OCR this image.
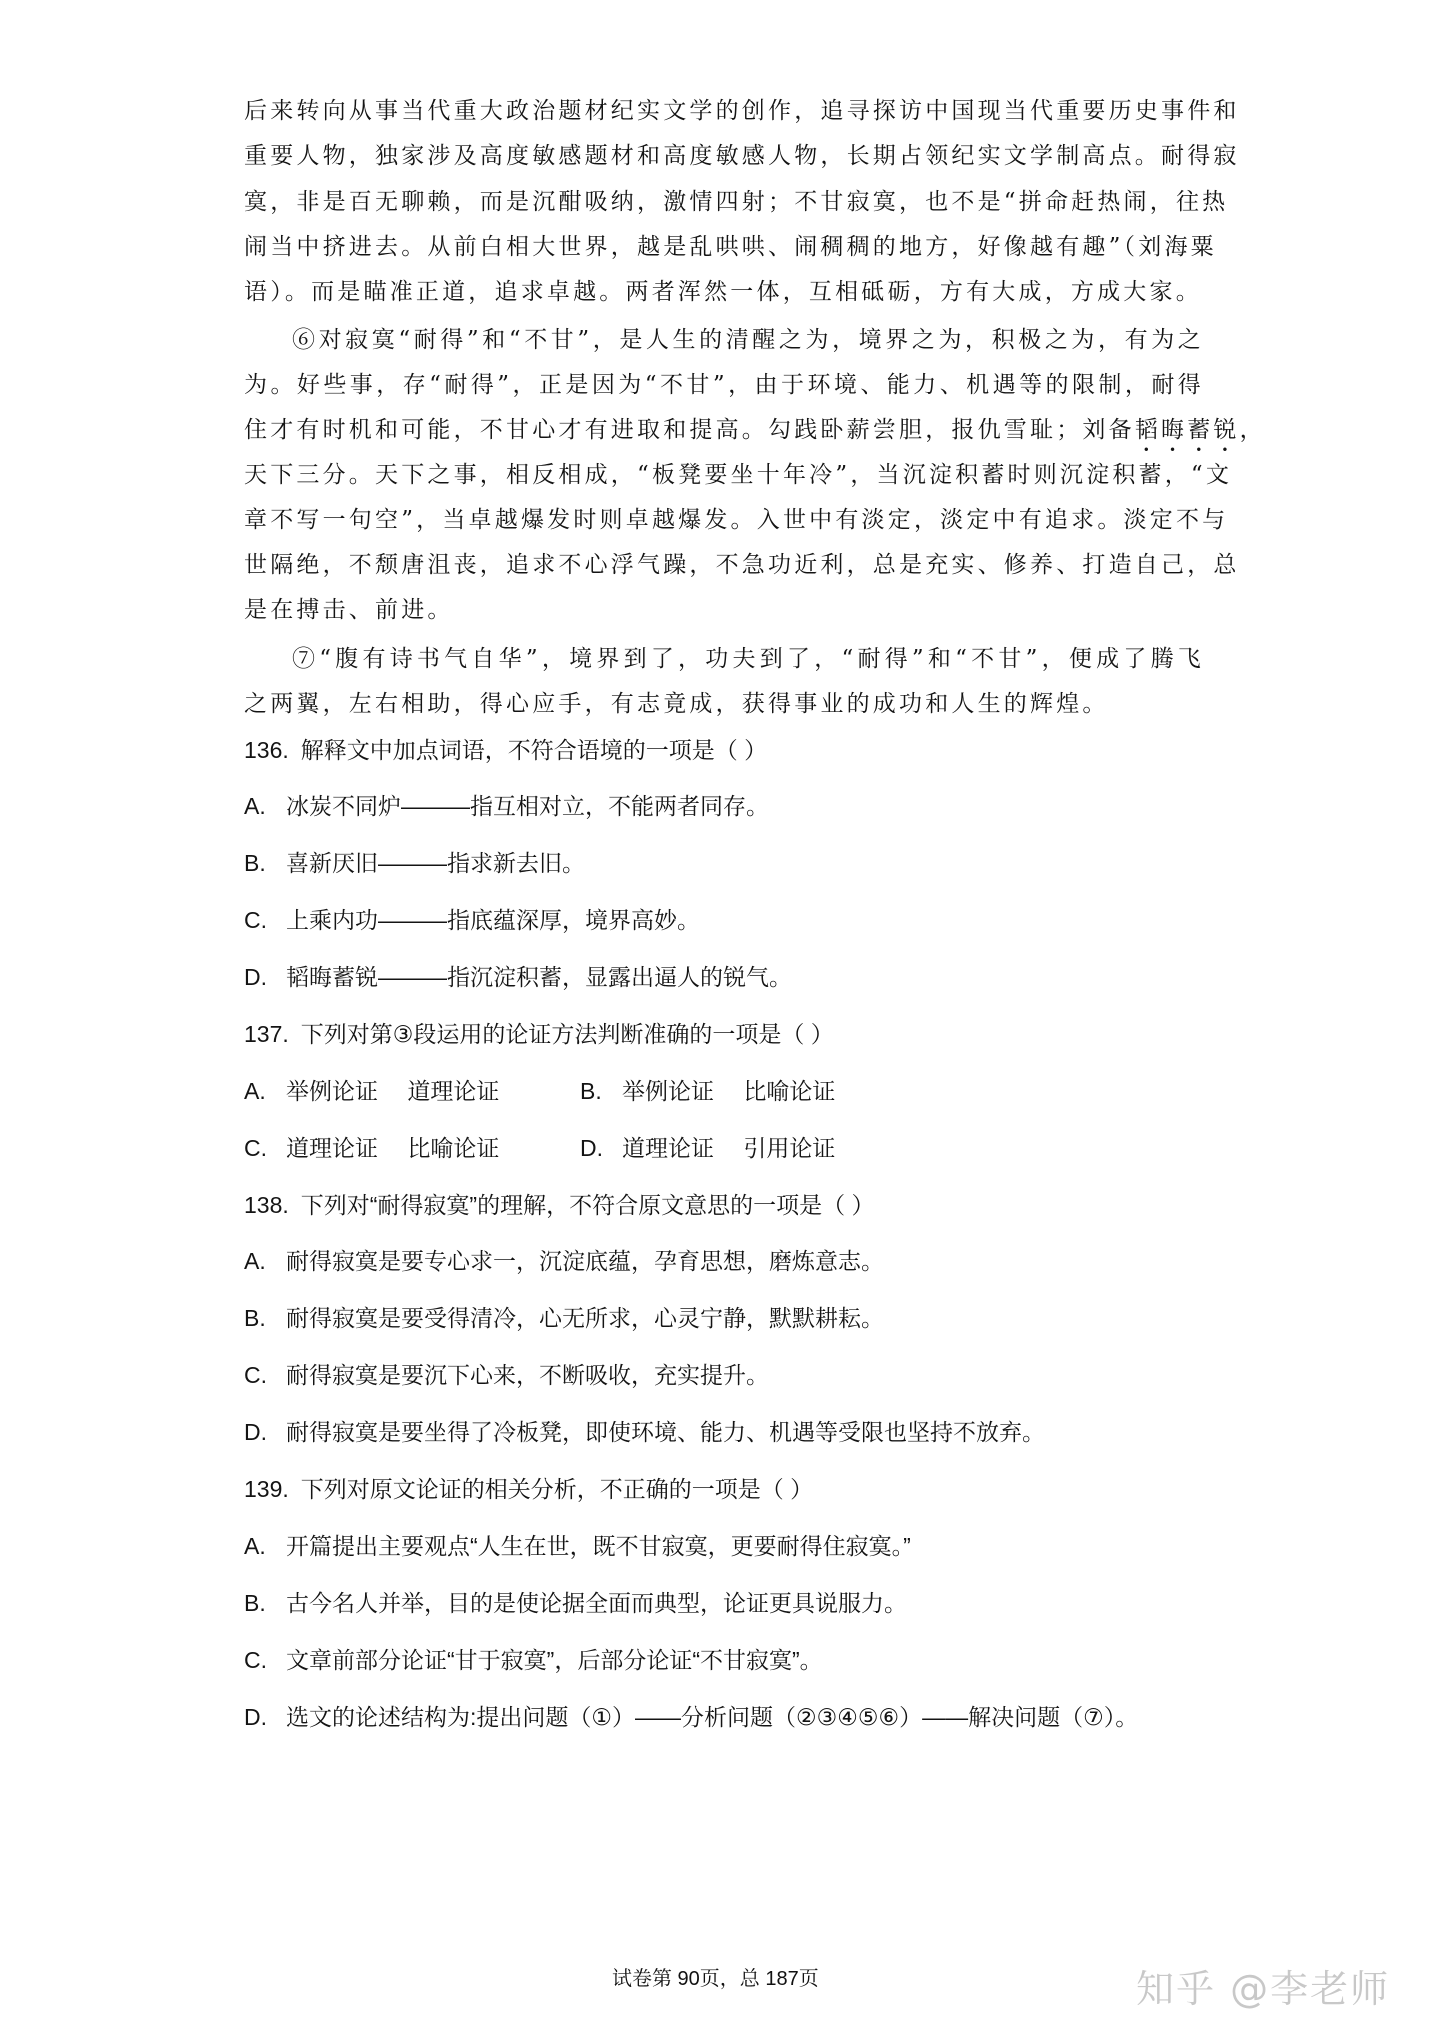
后来转向从事当代重大政治题材纪实文学的创作，追寻探访中国现当代重要历史事件和
重要人物，独家涉及高度敏感题材和高度敏感人物，长期占领纪实文学制高点。耐得寂
寞，非是百无聊赖，而是沉酣吸纳，激情四射；不甘寂寞，也不是“拼命赶热闹，往热
闹当中挤进去。从前白相大世界，越是乱哄哄、闹稠稠的地方，好像越有趣”（刘海粟
语）。而是瞄准正道，追求卓越。两者浑然一体，互相砥砺，方有大成，方成大家。
⑥对寂寞“耐得”和“不甘”，是人生的清醒之为，境界之为，积极之为，有为之
为。好些事，存“耐得”，正是因为“不甘”，由于环境、能力、机遇等的限制，耐得
住才有时机和可能，不甘心才有进取和提高。勾践卧薪尝胆，报仇雪耻；刘备韬晦蓄锐，
天下三分。天下之事，相反相成，“板凳要坐十年冷”，当沉淀积蓄时则沉淀积蓄，“文
章不写一句空”，当卓越爆发时则卓越爆发。入世中有淡定，淡定中有追求。淡定不与
世隔绝，不颓唐沮丧，追求不心浮气躁，不急功近利，总是充实、修养、打造自己，总
是在搏击、前进。
⑦“腹有诗书气自华”，境界到了，功夫到了，“耐得”和“不甘”，便成了腾飞
之两翼，左右相助，得心应手，有志竟成，获得事业的成功和人生的辉煌。
136. 解释文中加点词语，不符合语境的一项是（ ）
A. 冰炭不同炉———指互相对立，不能两者同存。
B. 喜新厌旧———指求新去旧。
C. 上乘内功———指底蕴深厚，境界高妙。
D. 韬晦蓄锐———指沉淀积蓄，显露出逼人的锐气。
137. 下列对第③段运用的论证方法判断准确的一项是（ ）
A. 举例论证　 道理论证	B. 举例论证　 比喻论证
C. 道理论证　 比喻论证	D. 道理论证　 引用论证
138. 下列对“耐得寂寞”的理解，不符合原文意思的一项是（ ）
A. 耐得寂寞是要专心求一，沉淀底蕴，孕育思想，磨炼意志。
B. 耐得寂寞是要受得清冷，心无所求，心灵宁静，默默耕耘。
C. 耐得寂寞是要沉下心来，不断吸收，充实提升。
D. 耐得寂寞是要坐得了冷板凳，即使环境、能力、机遇等受限也坚持不放弃。
139. 下列对原文论证的相关分析，不正确的一项是（ ）
A. 开篇提出主要观点“人生在世，既不甘寂寞，更要耐得住寂寞。”
B. 古今名人并举，目的是使论据全面而典型，论证更具说服力。
C. 文章前部分论证“甘于寂寞”，后部分论证“不甘寂寞”。
D. 选文的论述结构为:提出问题（①）——分析问题（②③④⑤⑥）——解决问题（⑦）。
试卷第 90页，总 187页	知乎 @李老师
